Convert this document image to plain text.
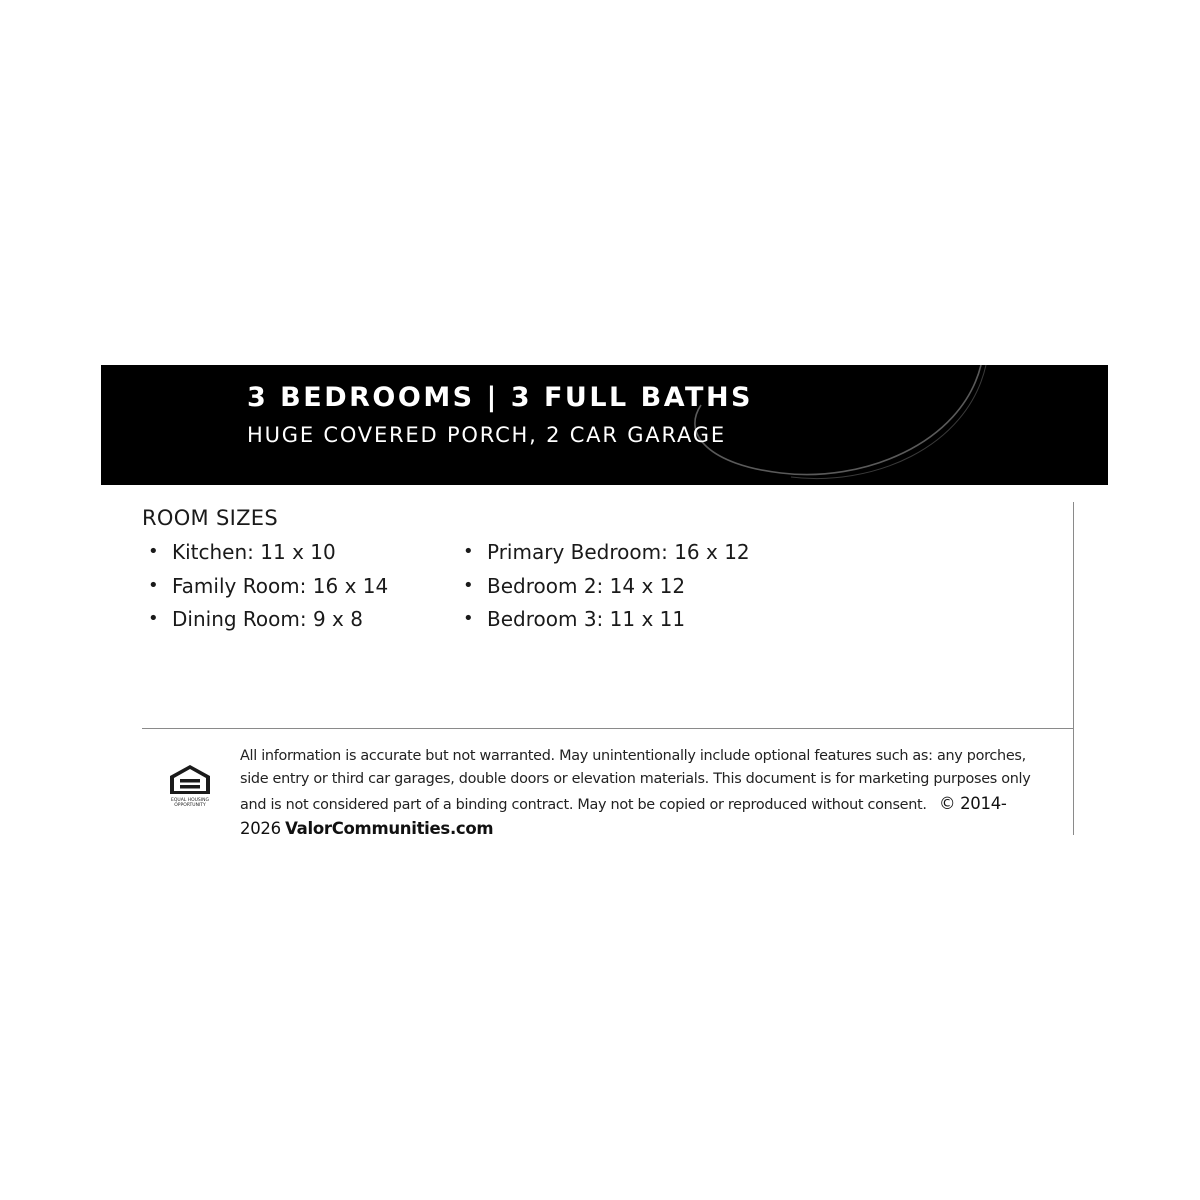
3 BEDROOMS | 3 FULL BATHS

HUGE COVERED PORCH, 2 CAR GARAGE

ROOM SIZES
• Kitchen: 11 x 10
• Family Room: 16 x 14
• Dining Room: 9 x 8
• Primary Bedroom: 16 x 12
• Bedroom 2: 14 x 12
• Bedroom 3: 11 x 11
EQUAL HOUSING OPPORTUNITY

All information is accurate but not warranted. May unintentionally include optional features such as: any porches, side entry or third car garages, double doors or elevation materials. This document is for marketing purposes only and is not considered part of a binding contract. May not be copied or reproduced without consent. © 2014-2026 ValorCommunities.com
